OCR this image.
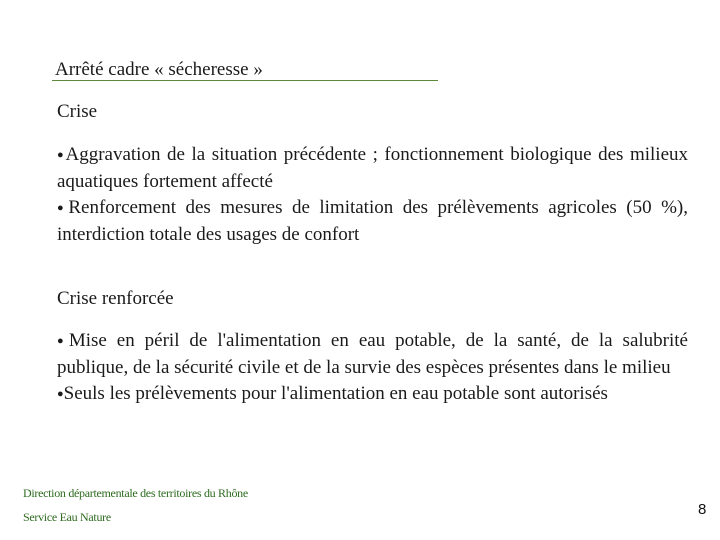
Arrêté cadre « sécheresse »
Crise

●Aggravation de la situation précédente ; fonctionnement biologique des milieux aquatiques fortement affecté

●Renforcement des mesures de limitation des prélèvements agricoles (50 %), interdiction totale des usages de confort

Crise renforcée

●Mise en péril de l'alimentation en eau potable, de la santé, de la salubrité publique, de la sécurité civile et de la survie des espèces présentes dans le milieu

●Seuls les prélèvements pour l'alimentation en eau potable sont autorisés

Direction départementale des territoires du Rhône
Service Eau Nature	8
